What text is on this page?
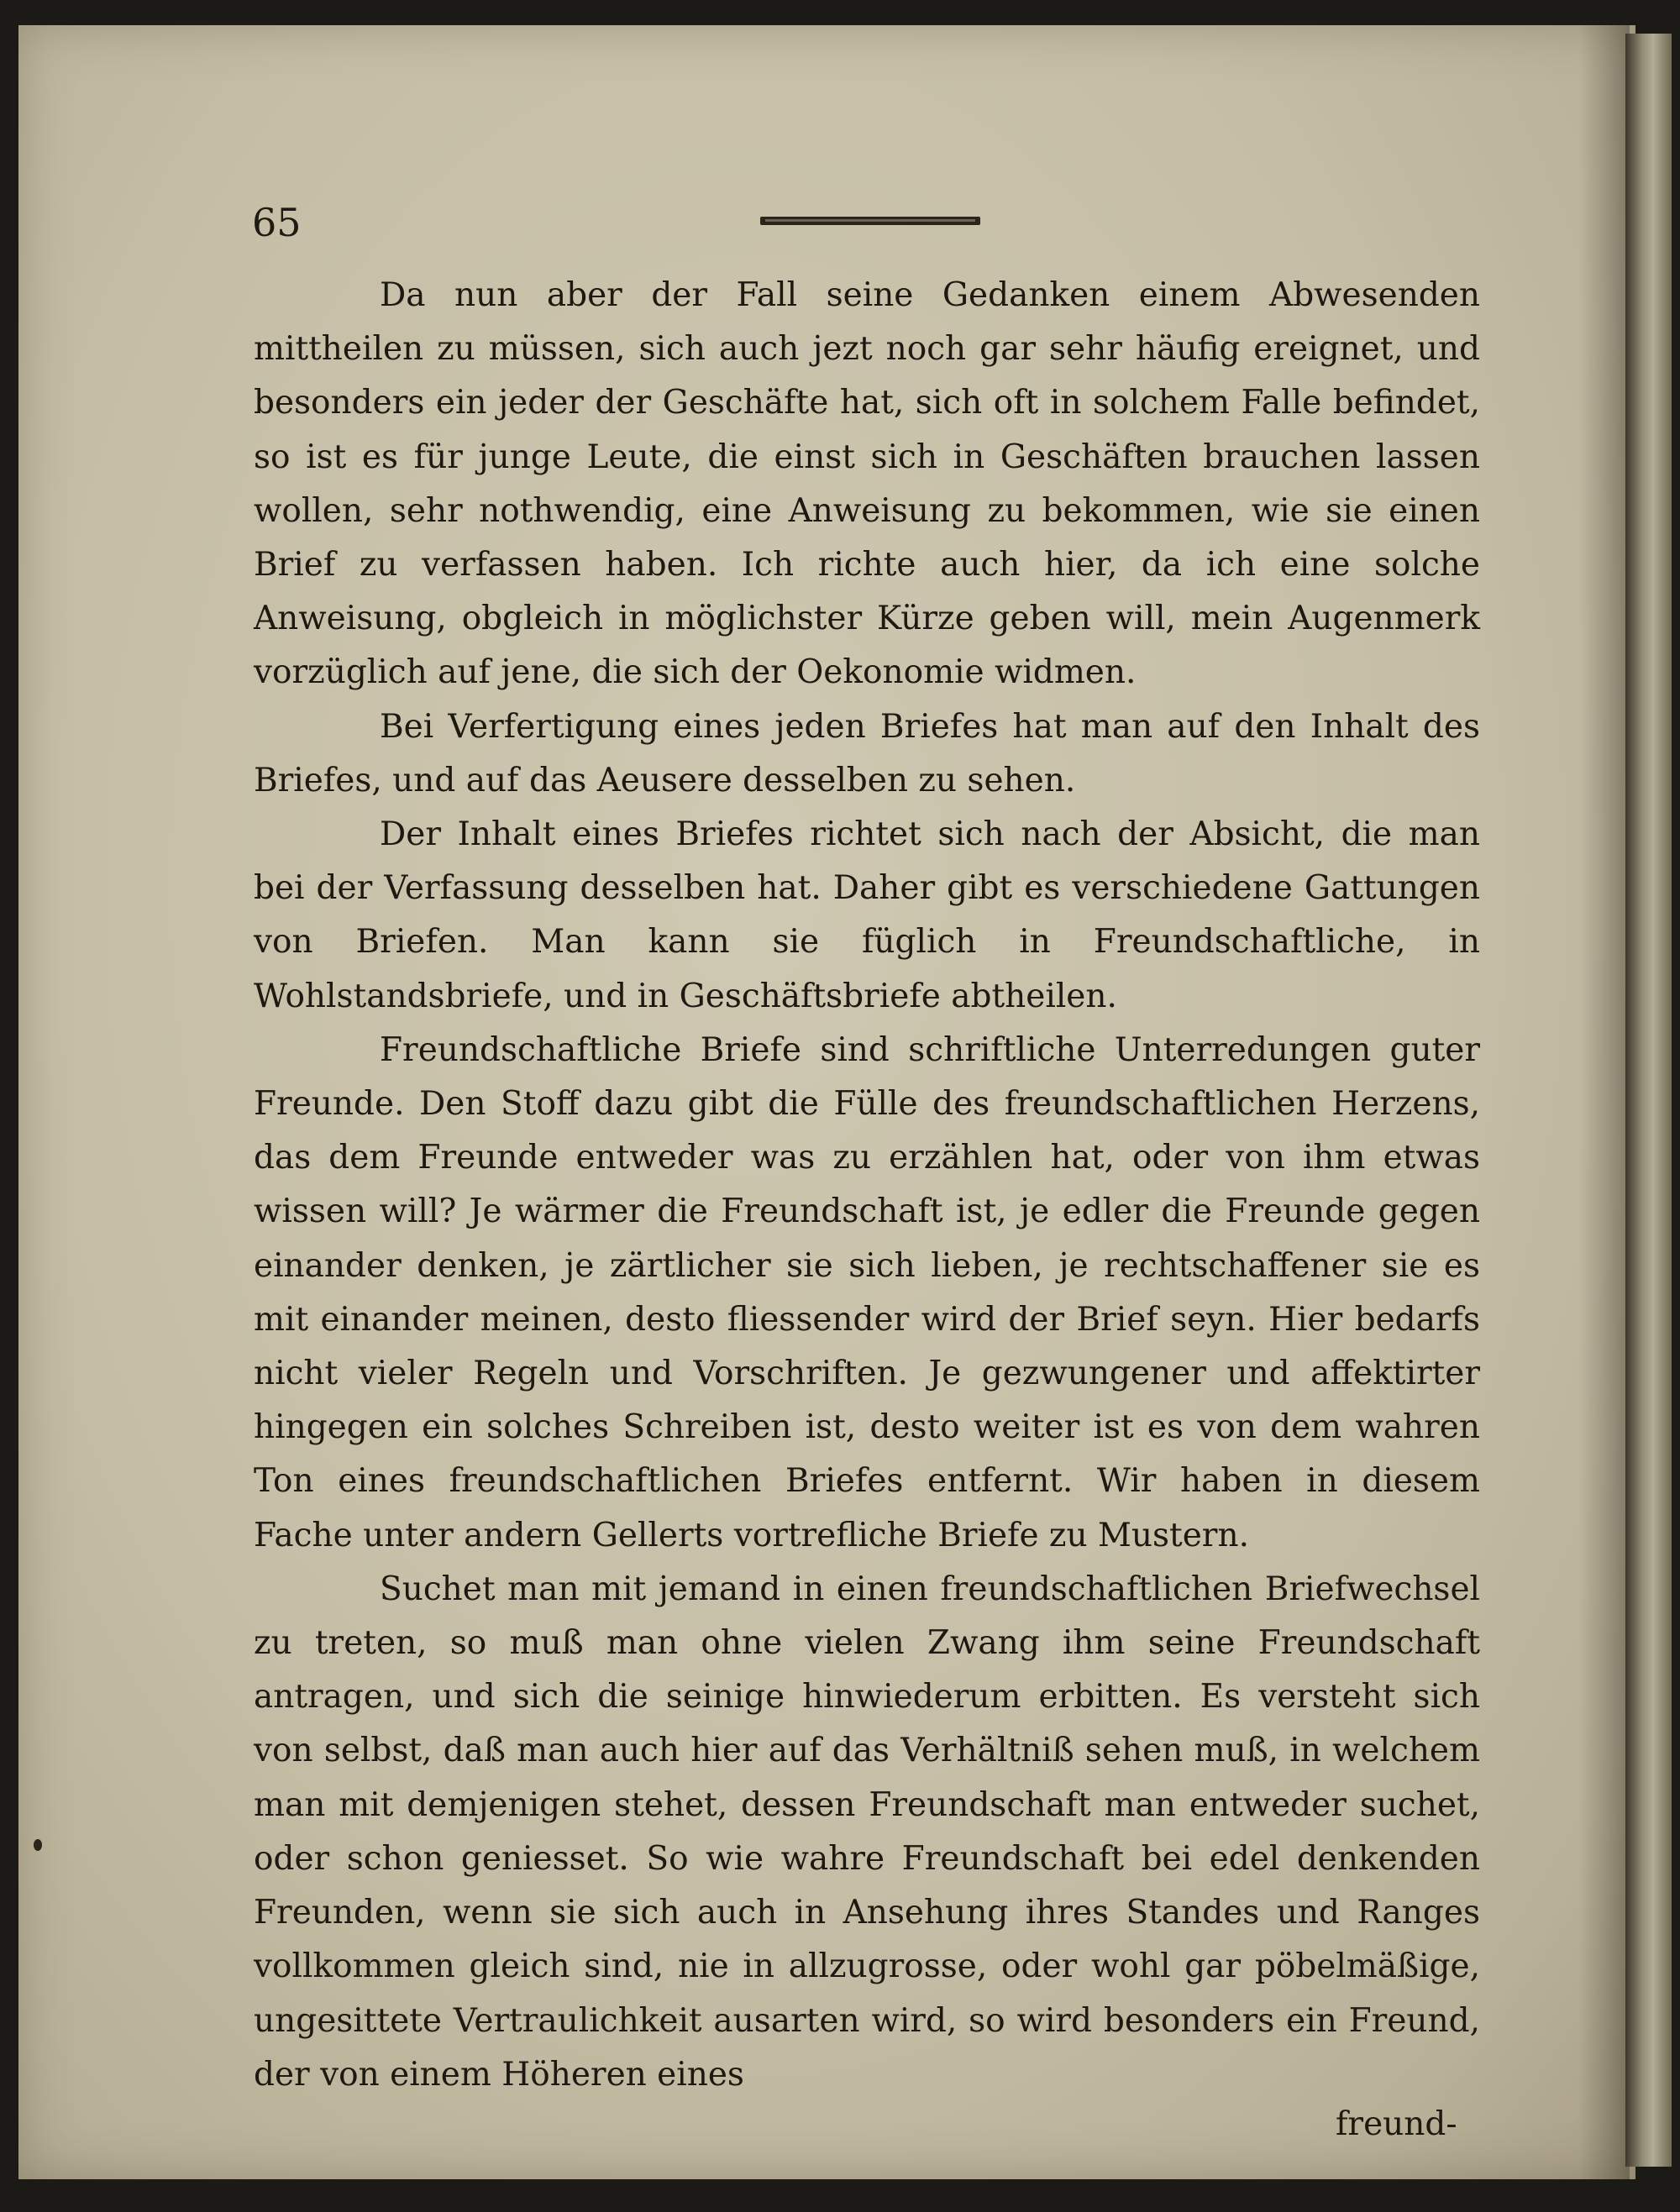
65

Da nun aber der Fall seine Gedanken einem Abwesenden mittheilen zu müssen, sich auch jezt noch gar sehr häufig ereignet, und besonders ein jeder der Geschäfte hat, sich oft in solchem Falle befindet, so ist es für junge Leute, die einst sich in Geschäften brauchen lassen wollen, sehr nothwendig, eine Anweisung zu bekommen, wie sie einen Brief zu verfassen haben. Ich richte auch hier, da ich eine solche Anweisung, obgleich in möglichster Kürze geben will, mein Augenmerk vorzüglich auf jene, die sich der Oekonomie widmen.

Bei Verfertigung eines jeden Briefes hat man auf den Inhalt des Briefes, und auf das Aeusere desselben zu sehen.

Der Inhalt eines Briefes richtet sich nach der Absicht, die man bei der Verfassung desselben hat. Daher gibt es verschiedene Gattungen von Briefen. Man kann sie füglich in Freundschaftliche, in Wohlstandsbriefe, und in Geschäftsbriefe abtheilen.

Freundschaftliche Briefe sind schriftliche Unterredungen guter Freunde. Den Stoff dazu gibt die Fülle des freundschaftlichen Herzens, das dem Freunde entweder was zu erzählen hat, oder von ihm etwas wissen will? Je wärmer die Freundschaft ist, je edler die Freunde gegen einander denken, je zärtlicher sie sich lieben, je rechtschaffener sie es mit einander meinen, desto fliessender wird der Brief seyn. Hier bedarfs nicht vieler Regeln und Vorschriften. Je gezwungener und affektirter hingegen ein solches Schreiben ist, desto weiter ist es von dem wahren Ton eines freundschaftlichen Briefes entfernt. Wir haben in diesem Fache unter andern Gellerts vortrefliche Briefe zu Mustern.

Suchet man mit jemand in einen freundschaftlichen Briefwechsel zu treten, so muß man ohne vielen Zwang ihm seine Freundschaft antragen, und sich die seinige hinwiederum erbitten. Es versteht sich von selbst, daß man auch hier auf das Verhältniß sehen muß, in welchem man mit demjenigen stehet, dessen Freundschaft man entweder suchet, oder schon geniesset. So wie wahre Freundschaft bei edel denkenden Freunden, wenn sie sich auch in Ansehung ihres Standes und Ranges vollkommen gleich sind, nie in allzugrosse, oder wohl gar pöbelmäßige, ungesittete Vertraulichkeit ausarten wird, so wird besonders ein Freund, der von einem Höheren eines

freund-
